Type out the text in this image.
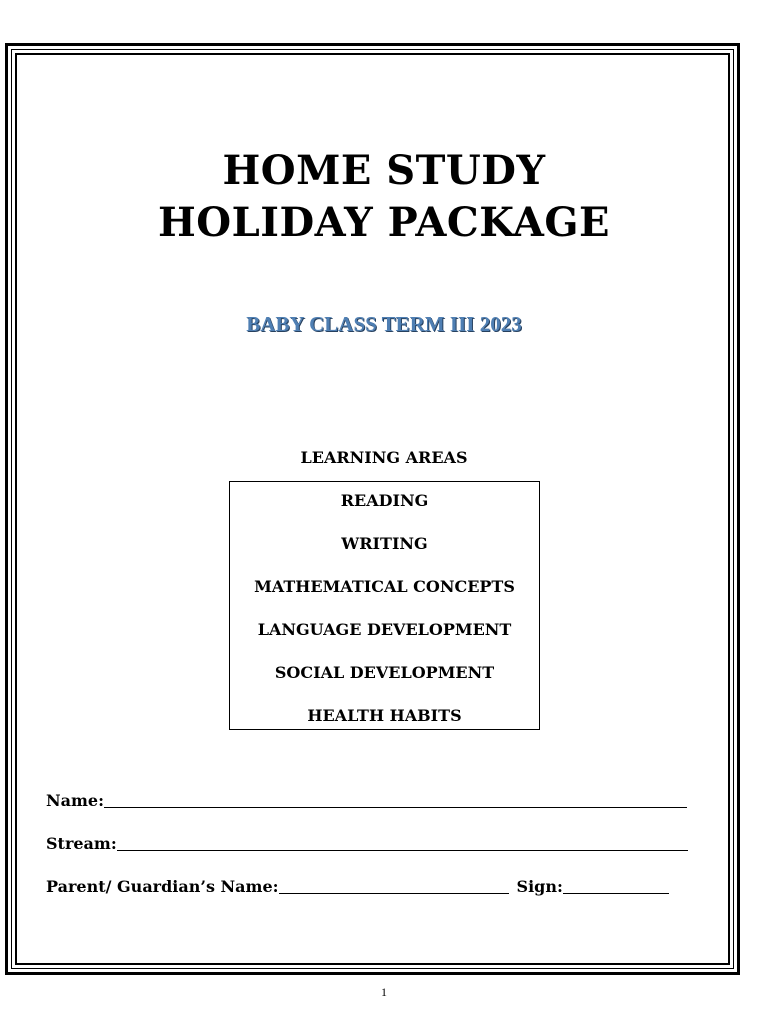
HOME STUDY
HOLIDAY PACKAGE
BABY CLASS TERM III 2023
LEARNING AREAS
READING
WRITING
MATHEMATICAL CONCEPTS
LANGUAGE DEVELOPMENT
SOCIAL DEVELOPMENT
HEALTH HABITS
Name:
Stream:
Parent/ Guardian’s Name:	Sign:
1
